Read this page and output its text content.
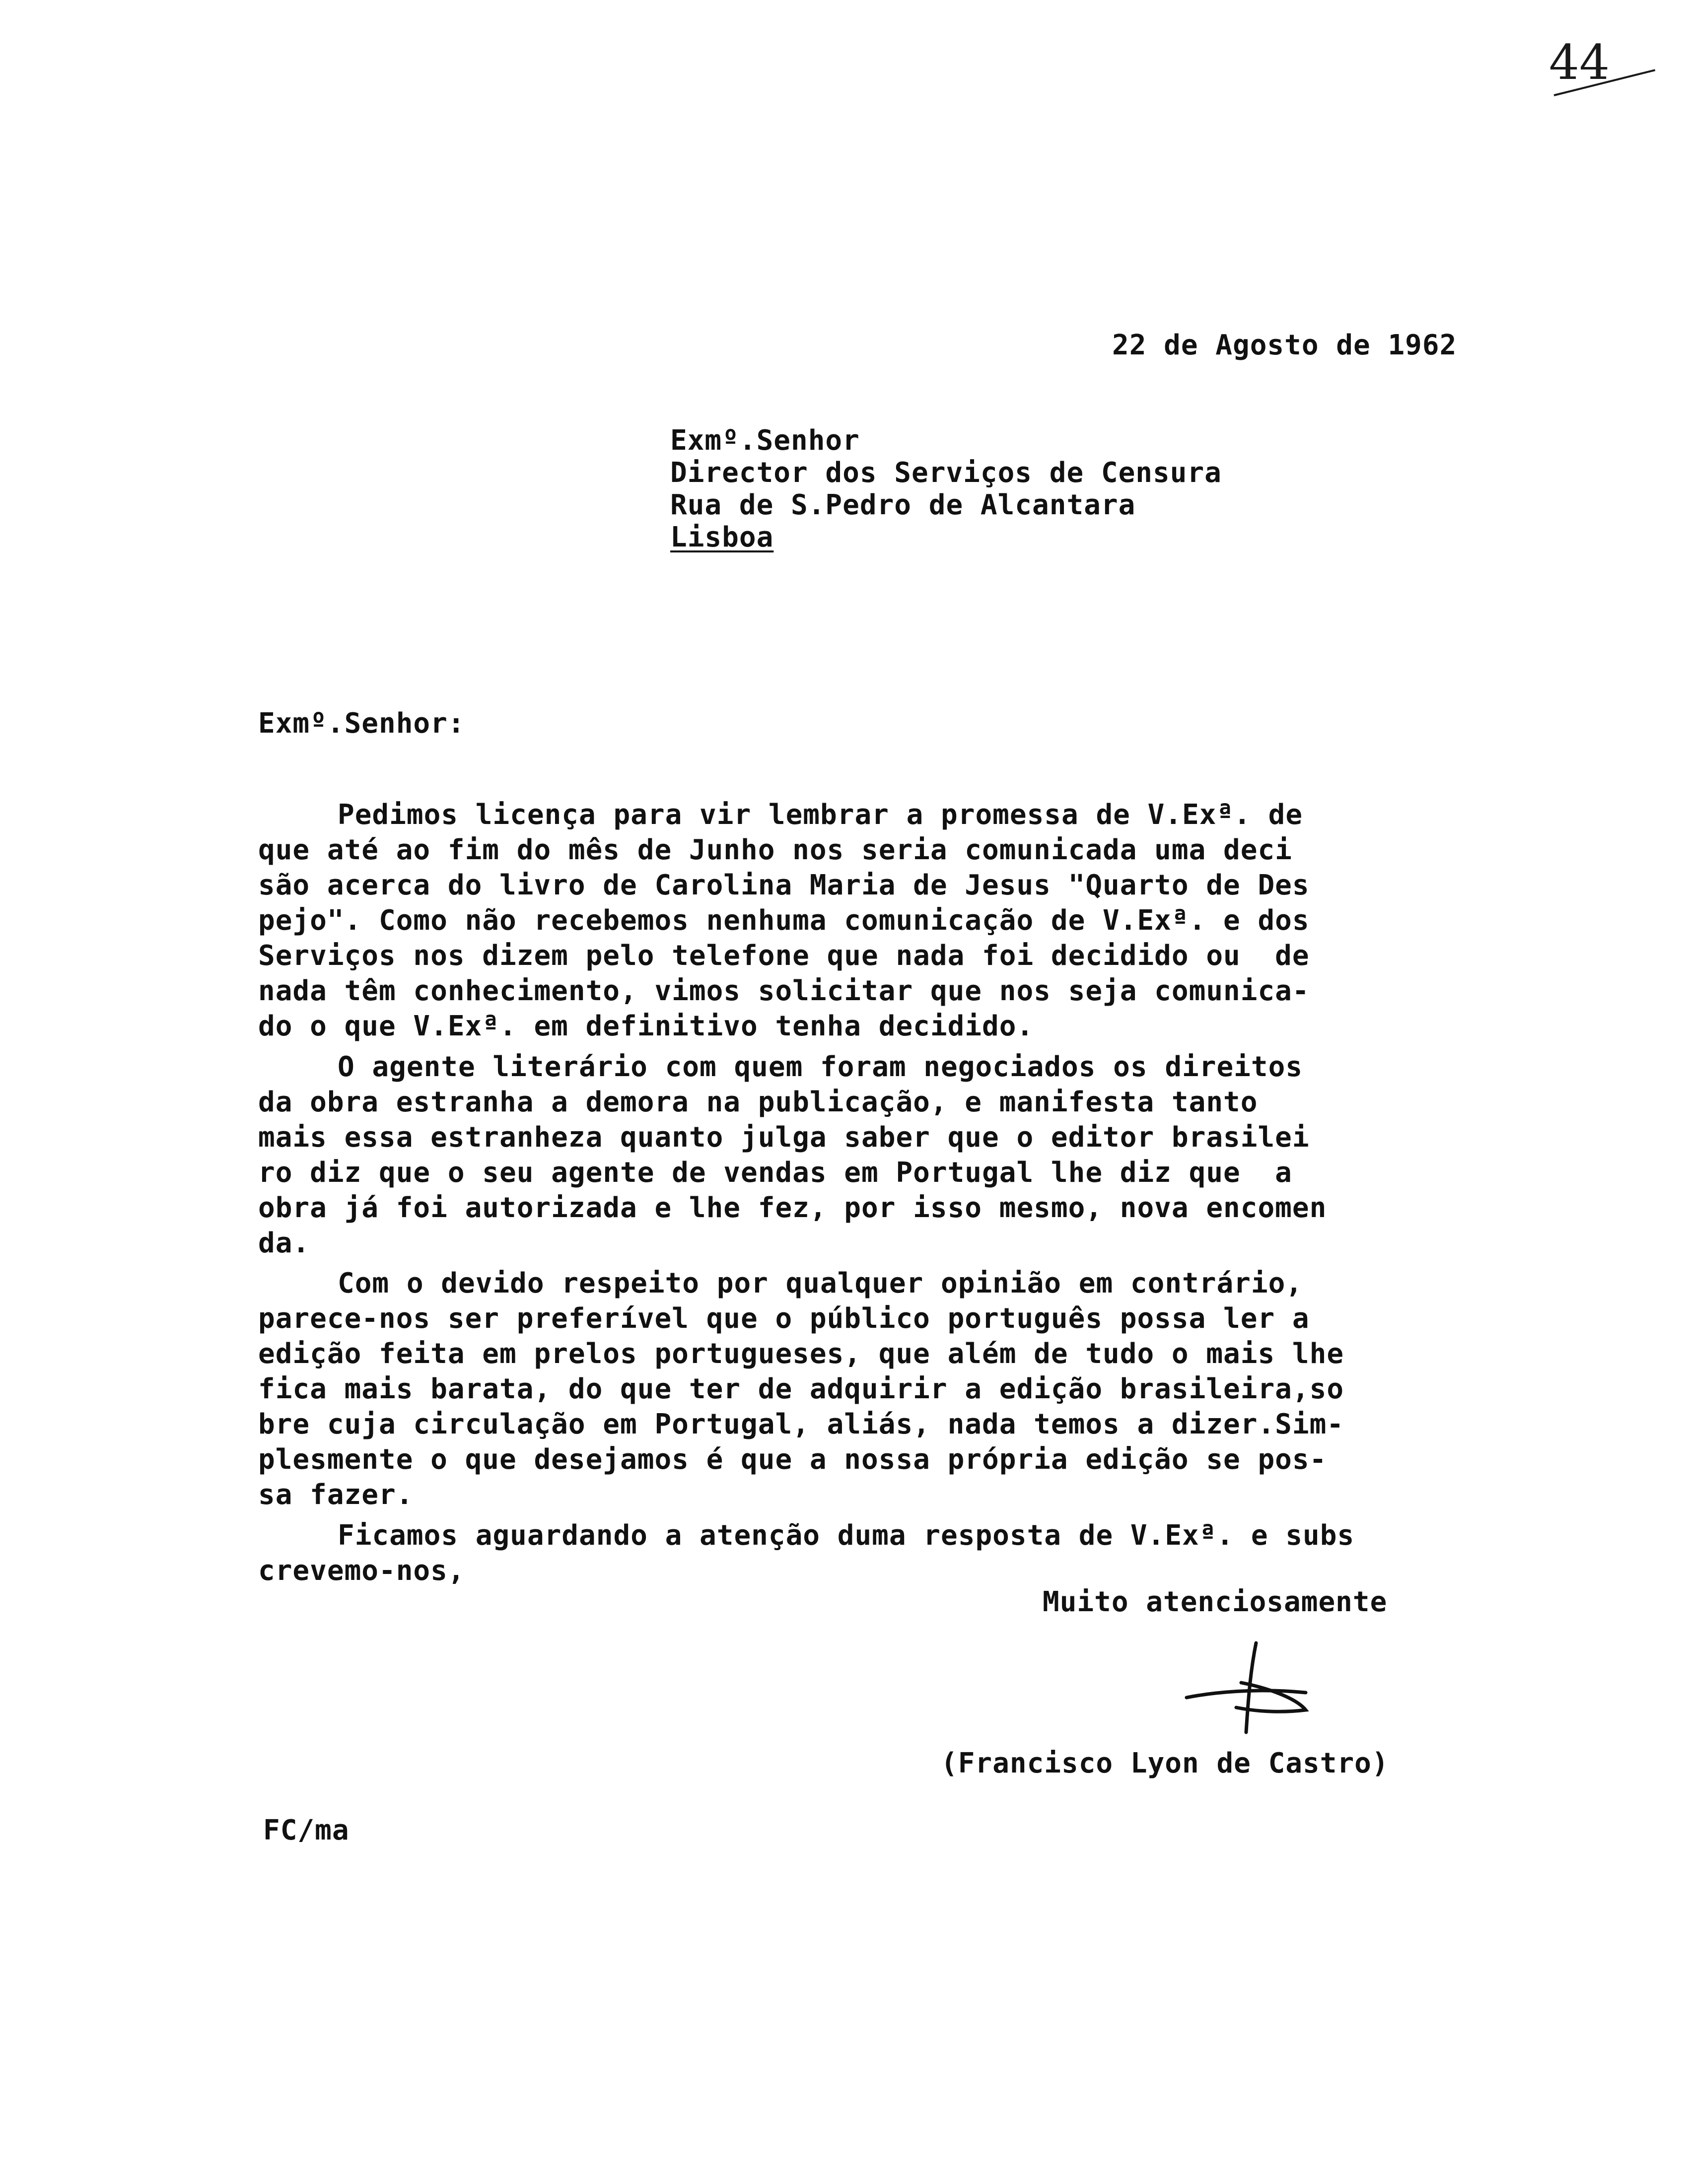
44
22 de Agosto de 1962
Exmº.Senhor
Director dos Serviços de Censura
Rua de S.Pedro de Alcantara
Lisboa
Exmº.Senhor:
Pedimos licença para vir lembrar a promessa de V.Exª. de
que até ao fim do mês de Junho nos seria comunicada uma deci
são acerca do livro de Carolina Maria de Jesus "Quarto de Des
pejo". Como não recebemos nenhuma comunicação de V.Exª. e dos
Serviços nos dizem pelo telefone que nada foi decidido ou  de
nada têm conhecimento, vimos solicitar que nos seja comunica-
do o que V.Exª. em definitivo tenha decidido.
O agente literário com quem foram negociados os direitos
da obra estranha a demora na publicação, e manifesta tanto
mais essa estranheza quanto julga saber que o editor brasilei
ro diz que o seu agente de vendas em Portugal lhe diz que  a
obra já foi autorizada e lhe fez, por isso mesmo, nova encomen
da.
Com o devido respeito por qualquer opinião em contrário,
parece-nos ser preferível que o público português possa ler a
edição feita em prelos portugueses, que além de tudo o mais lhe
fica mais barata, do que ter de adquirir a edição brasileira,so
bre cuja circulação em Portugal, aliás, nada temos a dizer.Sim-
plesmente o que desejamos é que a nossa própria edição se pos-
sa fazer.
Ficamos aguardando a atenção duma resposta de V.Exª. e subs
crevemo-nos,
Muito atenciosamente
(Francisco Lyon de Castro)
FC/ma
